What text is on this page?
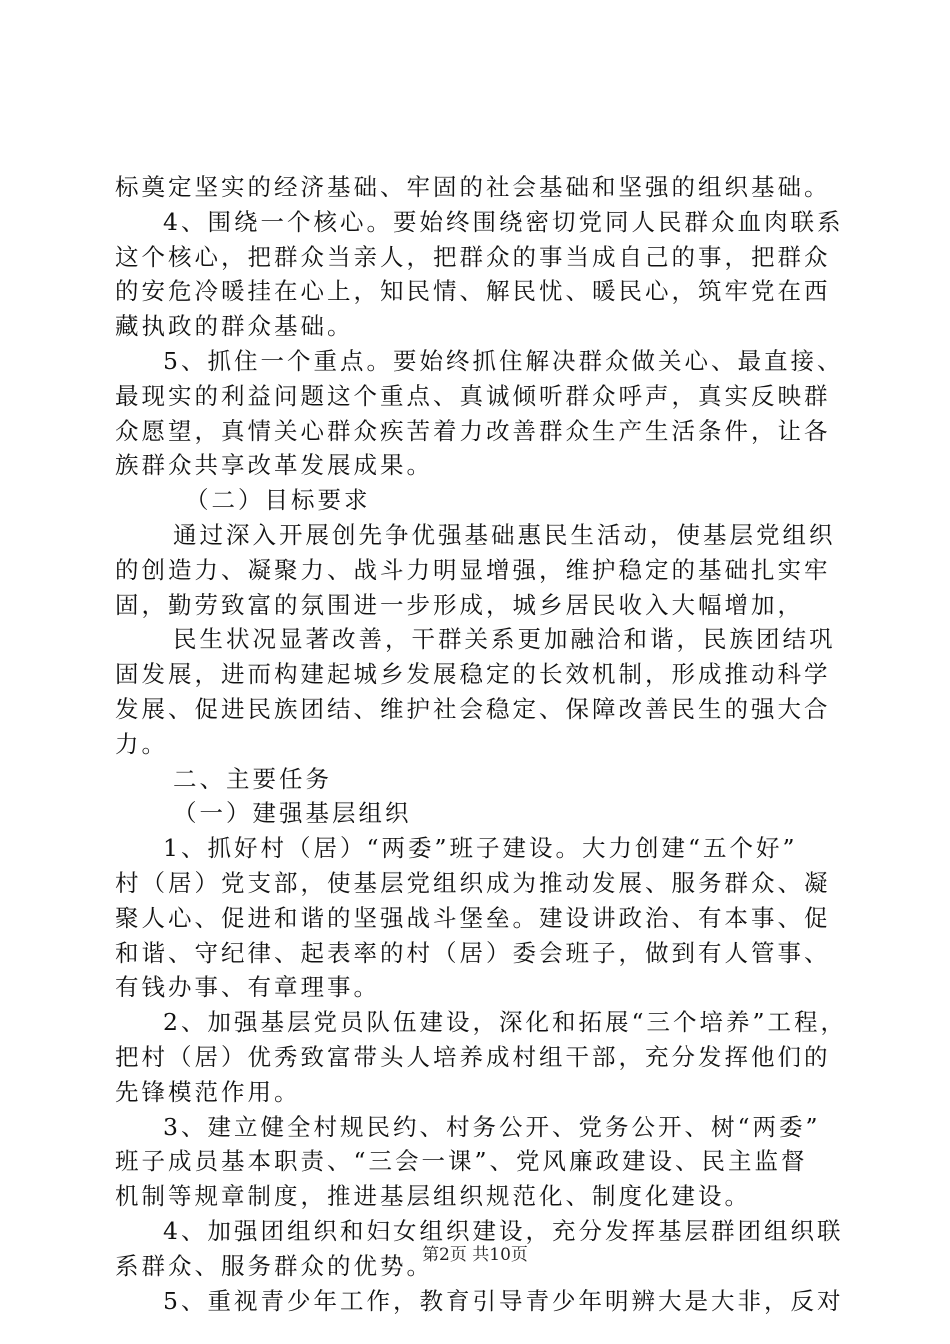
标奠定坚实的经济基础、牢固的社会基础和坚强的组织基础。
4、围绕一个核心。要始终围绕密切党同人民群众血肉联系
这个核心，把群众当亲人，把群众的事当成自己的事，把群众
的安危冷暖挂在心上，知民情、解民忧、暖民心，筑牢党在西
藏执政的群众基础。
5、抓住一个重点。要始终抓住解决群众做关心、最直接、
最现实的利益问题这个重点、真诚倾听群众呼声，真实反映群
众愿望，真情关心群众疾苦着力改善群众生产生活条件，让各
族群众共享改革发展成果。
（二）目标要求
通过深入开展创先争优强基础惠民生活动，使基层党组织
的创造力、凝聚力、战斗力明显增强，维护稳定的基础扎实牢
固，勤劳致富的氛围进一步形成，城乡居民收入大幅增加，
民生状况显著改善，干群关系更加融洽和谐，民族团结巩
固发展，进而构建起城乡发展稳定的长效机制，形成推动科学
发展、促进民族团结、维护社会稳定、保障改善民生的强大合
力。
二、主要任务
（一）建强基层组织
1、抓好村（居）“两委”班子建设。大力创建“五个好”
村（居）党支部，使基层党组织成为推动发展、服务群众、凝
聚人心、促进和谐的坚强战斗堡垒。建设讲政治、有本事、促
和谐、守纪律、起表率的村（居）委会班子，做到有人管事、
有钱办事、有章理事。
2、加强基层党员队伍建设，深化和拓展“三个培养”工程，
把村（居）优秀致富带头人培养成村组干部，充分发挥他们的
先锋模范作用。
3、建立健全村规民约、村务公开、党务公开、树“两委”
班子成员基本职责、“三会一课”、党风廉政建设、民主监督
机制等规章制度，推进基层组织规范化、制度化建设。
4、加强团组织和妇女组织建设，充分发挥基层群团组织联
系群众、服务群众的优势。
5、重视青少年工作，教育引导青少年明辨大是大非，反对
第2页 共10页
